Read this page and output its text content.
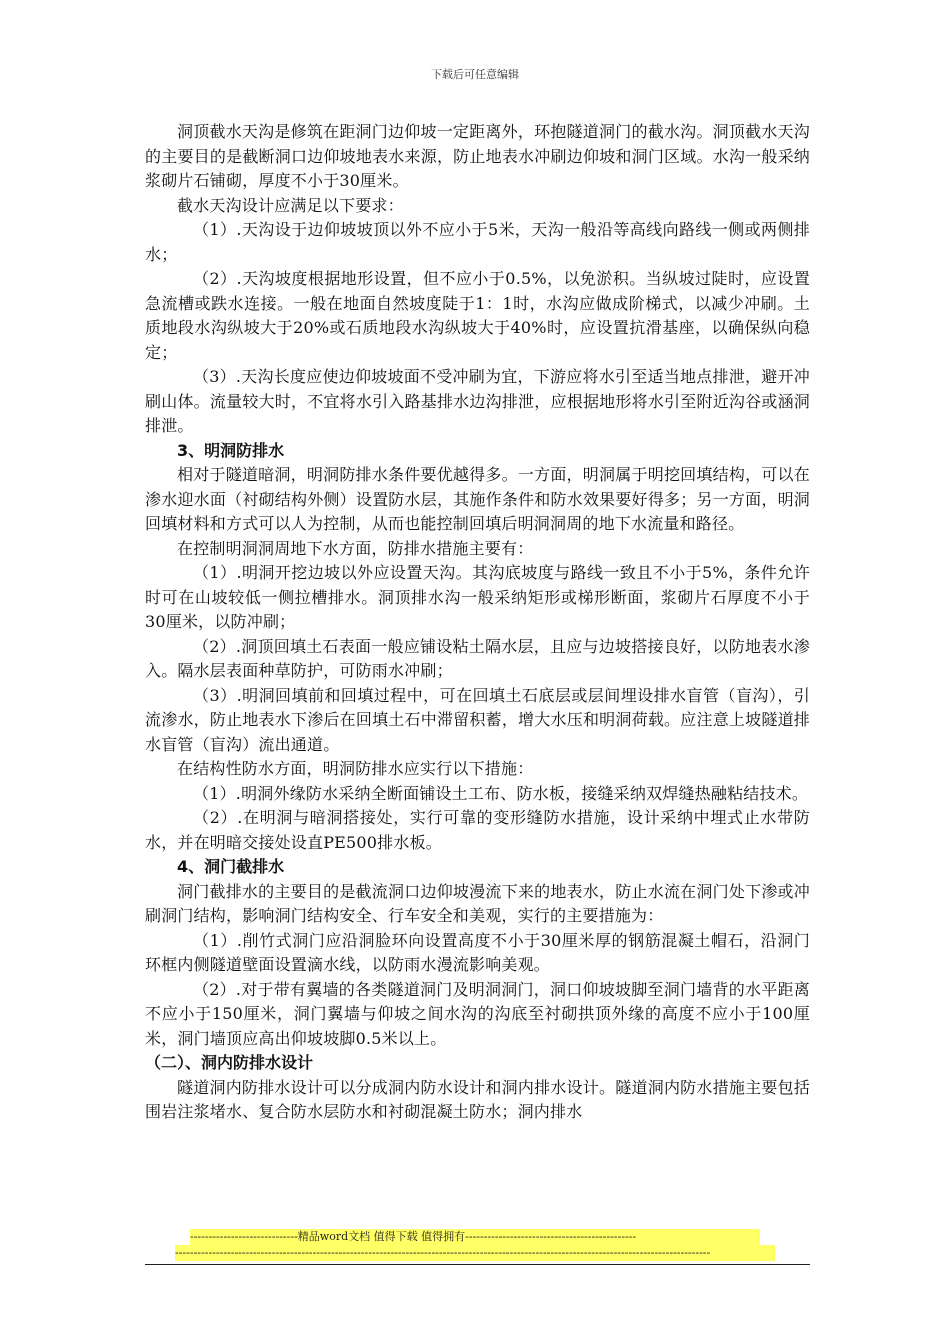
下载后可任意编辑

洞顶截水天沟是修筑在距洞门边仰坡一定距离外，环抱隧道洞门的截水沟。洞顶截水天沟的主要目的是截断洞口边仰坡地表水来源，防止地表水冲刷边仰坡和洞门区域。水沟一般采纳浆砌片石铺砌，厚度不小于30厘米。

截水天沟设计应满足以下要求：

（1）.天沟设于边仰坡坡顶以外不应小于5米，天沟一般沿等高线向路线一侧或两侧排水；

（2）.天沟坡度根据地形设置，但不应小于0.5%，以免淤积。当纵坡过陡时，应设置急流槽或跌水连接。一般在地面自然坡度陡于1：1时，水沟应做成阶梯式，以减少冲刷。土质地段水沟纵坡大于20%或石质地段水沟纵坡大于40%时，应设置抗滑基座，以确保纵向稳定；

（3）.天沟长度应使边仰坡坡面不受冲刷为宜，下游应将水引至适当地点排泄，避开冲刷山体。流量较大时，不宜将水引入路基排水边沟排泄，应根据地形将水引至附近沟谷或涵洞排泄。

3、明洞防排水

相对于隧道暗洞，明洞防排水条件要优越得多。一方面，明洞属于明挖回填结构，可以在渗水迎水面（衬砌结构外侧）设置防水层，其施作条件和防水效果要好得多；另一方面，明洞回填材料和方式可以人为控制，从而也能控制回填后明洞洞周的地下水流量和路径。

在控制明洞洞周地下水方面，防排水措施主要有：

（1）.明洞开挖边坡以外应设置天沟。其沟底坡度与路线一致且不小于5%，条件允许时可在山坡较低一侧拉槽排水。洞顶排水沟一般采纳矩形或梯形断面，浆砌片石厚度不小于30厘米，以防冲刷；

（2）.洞顶回填土石表面一般应铺设粘土隔水层，且应与边坡搭接良好，以防地表水渗入。隔水层表面种草防护，可防雨水冲刷；

（3）.明洞回填前和回填过程中，可在回填土石底层或层间埋设排水盲管（盲沟），引流渗水，防止地表水下渗后在回填土石中滞留积蓄，增大水压和明洞荷载。应注意上坡隧道排水盲管（盲沟）流出通道。

在结构性防水方面，明洞防排水应实行以下措施：

（1）.明洞外缘防水采纳全断面铺设土工布、防水板，接缝采纳双焊缝热融粘结技术。

（2）.在明洞与暗洞搭接处，实行可靠的变形缝防水措施，设计采纳中埋式止水带防水，并在明暗交接处设直PE500排水板。

4、洞门截排水

洞门截排水的主要目的是截流洞口边仰坡漫流下来的地表水，防止水流在洞门处下渗或冲刷洞门结构，影响洞门结构安全、行车安全和美观，实行的主要措施为：

（1）.削竹式洞门应沿洞脸环向设置高度不小于30厘米厚的钢筋混凝土帽石，沿洞门环框内侧隧道壁面设置滴水线，以防雨水漫流影响美观。

（2）.对于带有翼墙的各类隧道洞门及明洞洞门，洞口仰坡坡脚至洞门墙背的水平距离不应小于150厘米，洞门翼墙与仰坡之间水沟的沟底至衬砌拱顶外缘的高度不应小于100厘米，洞门墙顶应高出仰坡坡脚0.5米以上。

（二）、洞内防排水设计

隧道洞内防排水设计可以分成洞内防水设计和洞内排水设计。隧道洞内防水措施主要包括围岩注浆堵水、复合防水层防水和衬砌混凝土防水；洞内排水

-----------------------------精品word文档 值得下载 值得拥有----------------------------------------------
------------------------------------------------------------------------------------------------------------------------------------------------
